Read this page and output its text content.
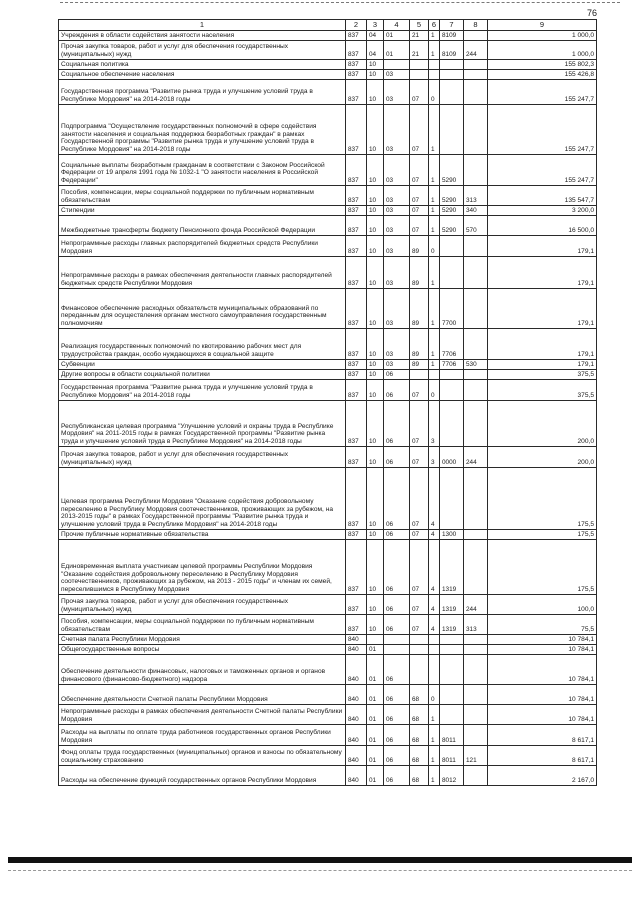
76
1	2	3	4	5	6	7	8	9
Учреждения в области содействия занятости населения	837	04	01	21	1	8109		1 000,0
Прочая закупка товаров, работ и услуг для обеспечения государственных (муниципальных) нужд	837	04	01	21	1	8109	244	1 000,0
Социальная политика	837	10						155 802,3
Социальное обеспечение населения	837	10	03					155 426,8
Государственная программа "Развитие рынка труда и улучшение условий труда в Республике Мордовия" на 2014-2018 годы	837	10	03	07	0			155 247,7
Подпрограмма "Осуществление государственных полномочий в сфере содействия занятости населения и социальная поддержка безработных граждан" в рамках Государственной программы "Развитие рынка труда и улучшение условий труда в Республике Мордовия" на 2014-2018 годы	837	10	03	07	1			155 247,7
Социальные выплаты безработным гражданам в соответствии с Законом Российской Федерации от 19 апреля 1991 года № 1032-1 "О занятости населения в Российской Федерации"	837	10	03	07	1	5290		155 247,7
Пособия, компенсации, меры социальной поддержки по публичным нормативным обязательствам	837	10	03	07	1	5290	313	135 547,7
Стипендии	837	10	03	07	1	5290	340	3 200,0
Межбюджетные трансферты бюджету Пенсионного фонда Российской Федерации	837	10	03	07	1	5290	570	16 500,0
Непрограммные расходы главных распорядителей бюджетных средств Республики Мордовия	837	10	03	89	0			179,1
Непрограммные расходы в рамках обеспечения деятельности главных распорядителей бюджетных средств Республики Мордовия	837	10	03	89	1			179,1
Финансовое обеспечение расходных обязательств муниципальных образований по переданным для осуществления органам местного самоуправления государственным полномочиям	837	10	03	89	1	7700		179,1
Реализация государственных полномочий по квотированию рабочих мест для трудоустройства граждан, особо нуждающихся в социальной защите	837	10	03	89	1	7706		179,1
Субвенции	837	10	03	89	1	7706	530	179,1
Другие вопросы в области социальной политики	837	10	06					375,5
Государственная программа "Развитие рынка труда и улучшение условий труда в Республике Мордовия" на 2014-2018 годы	837	10	06	07	0			375,5
Республиканская целевая программа "Улучшение условий и охраны труда в Республике Мордовия" на 2011-2015 годы в рамках Государственной программы "Развитие рынка труда и улучшение условий труда в Республике Мордовия" на 2014-2018 годы	837	10	06	07	3			200,0
Прочая закупка товаров, работ и услуг для обеспечения государственных (муниципальных) нужд	837	10	06	07	3	0000	244	200,0
Целевая программа Республики Мордовия "Оказание содействия добровольному переселению в Республику Мордовия соотечественников, проживающих за рубежом, на 2013-2015 годы" в рамках Государственной программы "Развитие рынка труда и улучшение условий труда в Республике Мордовия" на 2014-2018 годы	837	10	06	07	4			175,5
Прочие публичные нормативные обязательства	837	10	06	07	4	1300		175,5
Единовременная выплата участникам целевой программы Республики Мордовия "Оказание содействия добровольному переселению в Республику Мордовия соотечественников, проживающих за рубежом, на 2013 - 2015 годы" и членам их семей, переселившимся в Республику Мордовия	837	10	06	07	4	1319		175,5
Прочая закупка товаров, работ и услуг для обеспечения государственных (муниципальных) нужд	837	10	06	07	4	1319	244	100,0
Пособия, компенсации, меры социальной поддержки по публичным нормативным обязательствам	837	10	06	07	4	1319	313	75,5
Счетная палата Республики Мордовия	840							10 784,1
Общегосударственные вопросы	840	01						10 784,1
Обеспечение деятельности финансовых, налоговых и таможенных органов и органов финансового (финансово-бюджетного) надзора	840	01	06					10 784,1
Обеспечение деятельности Счетной палаты Республики Мордовия	840	01	06	68	0			10 784,1
Непрограммные расходы в рамках обеспечения деятельности Счетной палаты Республики Мордовия	840	01	06	68	1			10 784,1
Расходы на выплаты по оплате труда работников государственных органов Республики Мордовия	840	01	06	68	1	8011		8 617,1
Фонд оплаты труда государственных (муниципальных) органов и взносы по обязательному социальному страхованию	840	01	06	68	1	8011	121	8 617,1
Расходы на обеспечение функций государственных органов Республики Мордовия	840	01	06	68	1	8012		2 167,0
